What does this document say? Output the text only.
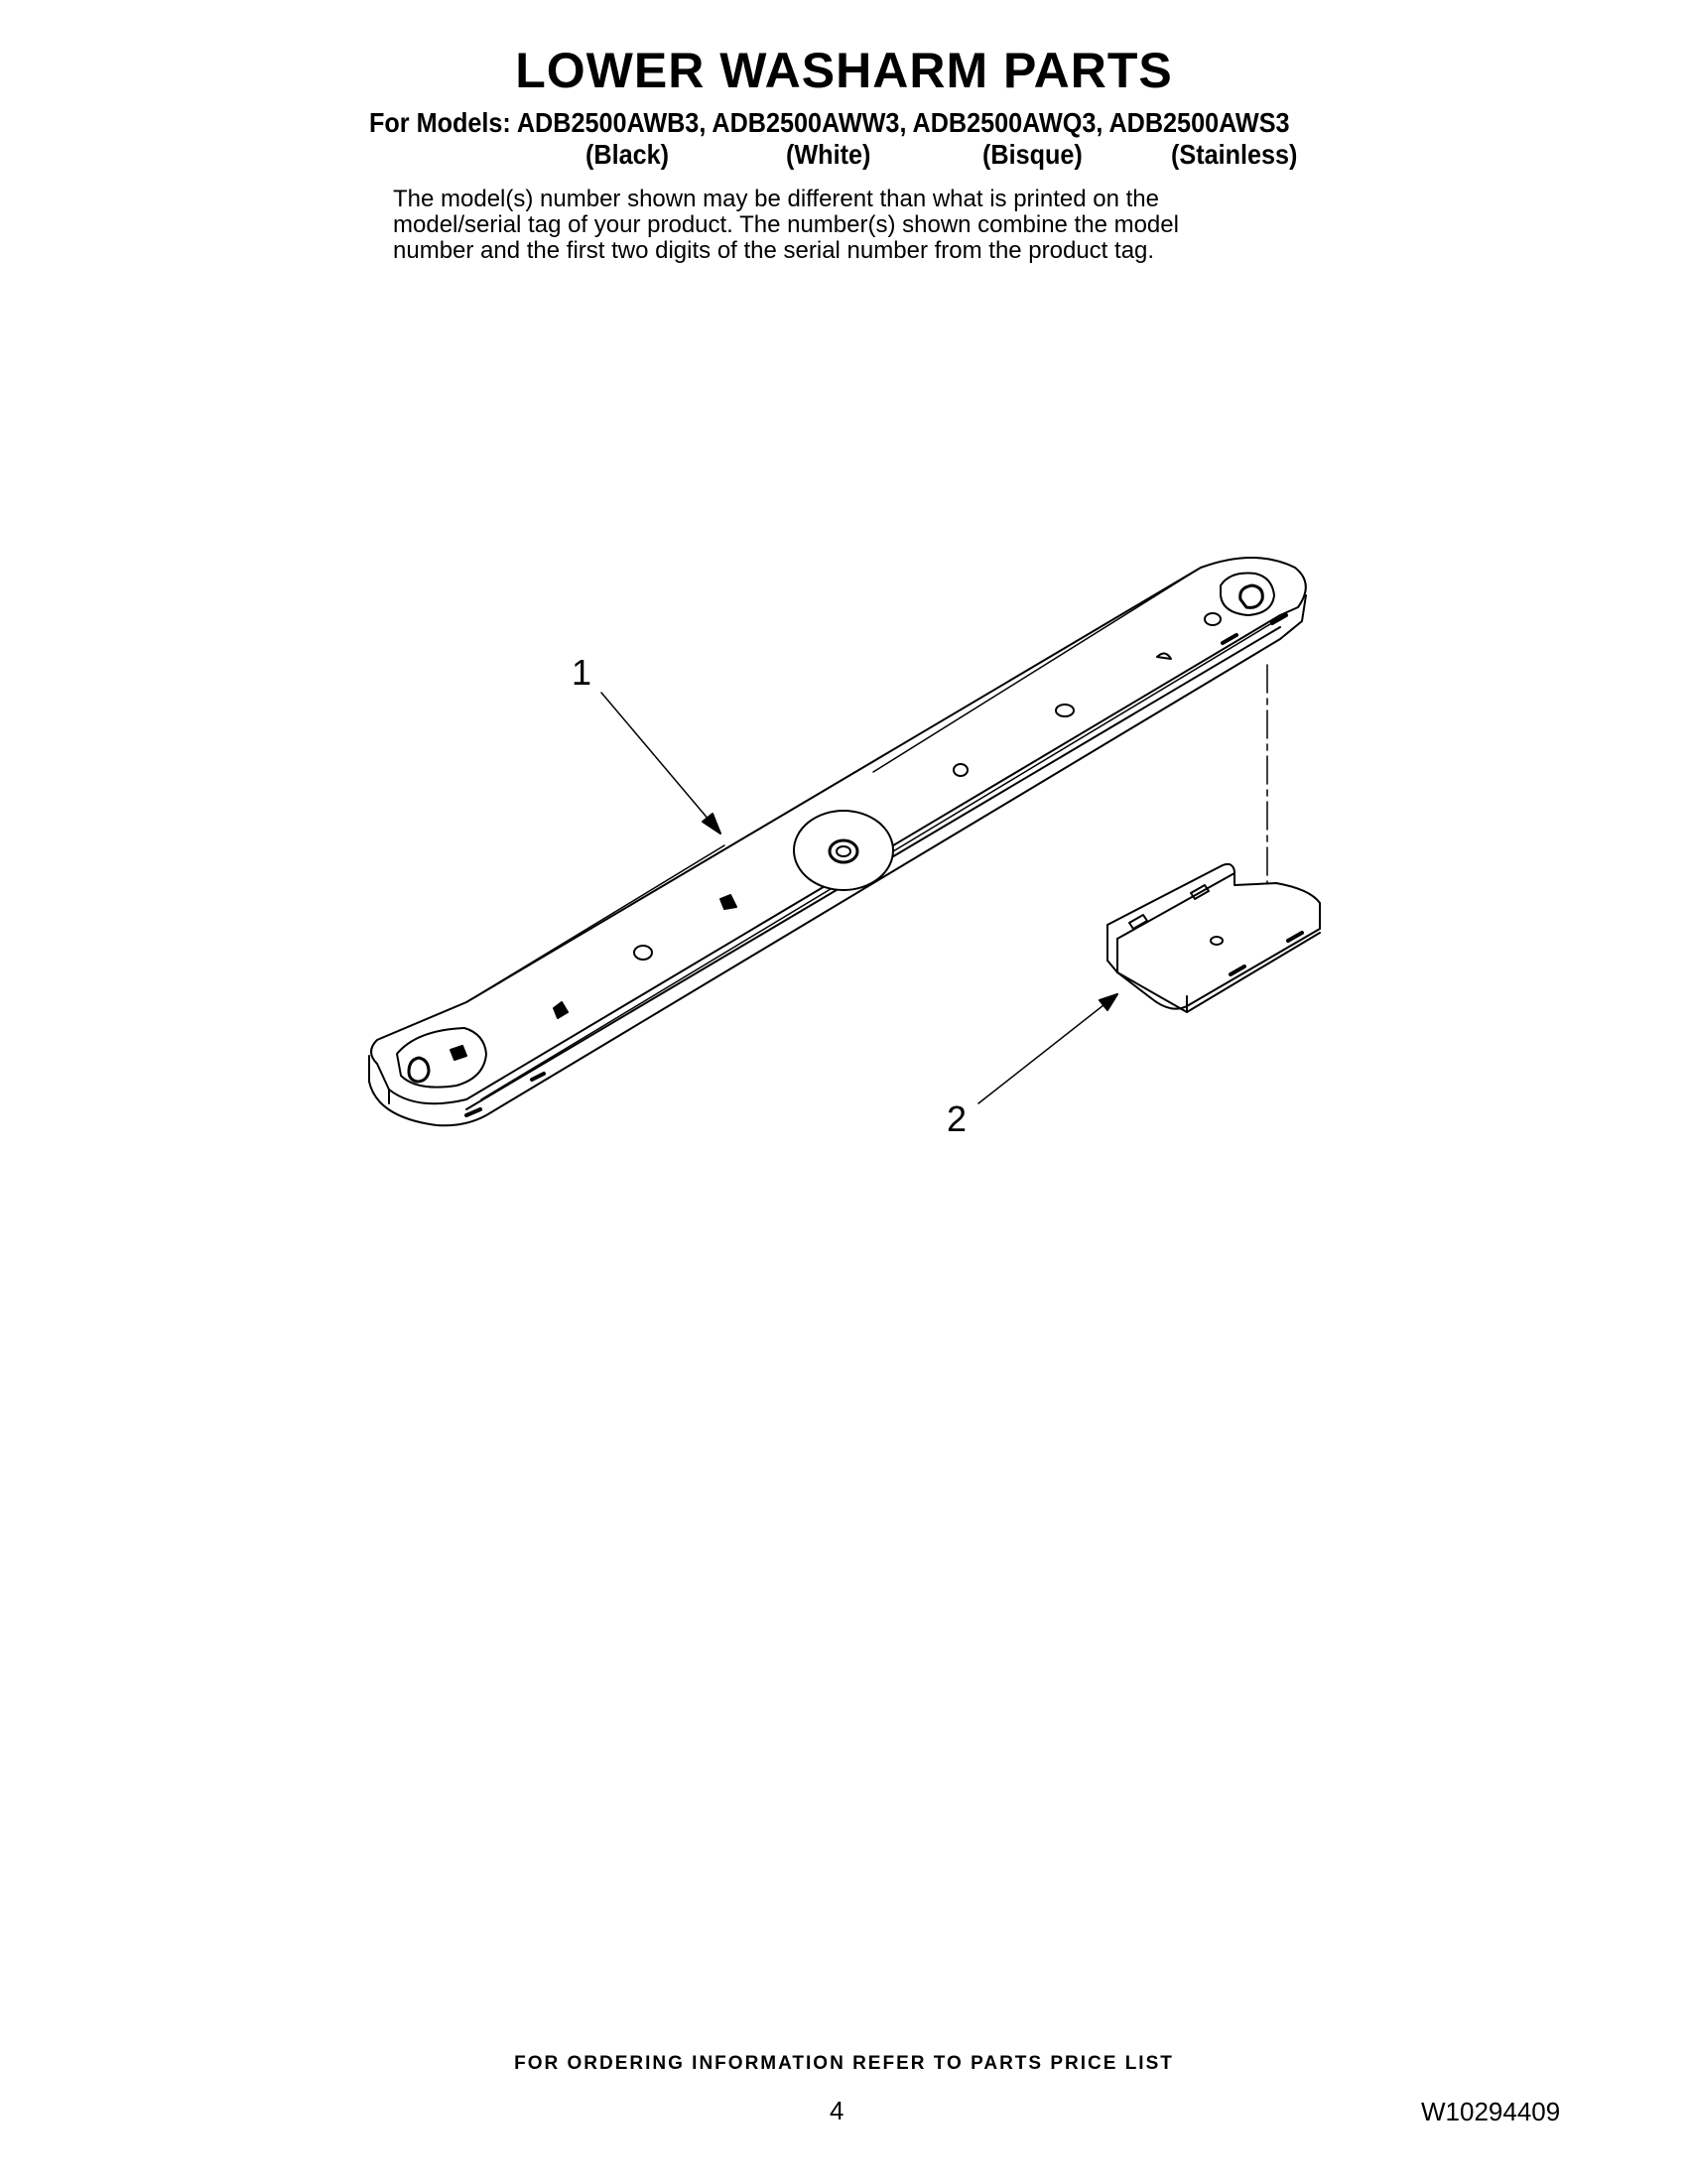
LOWER WASHARM PARTS
For Models: ADB2500AWB3, ADB2500AWW3, ADB2500AWQ3, ADB2500AWS3
(Black)	(White)	(Bisque)	(Stainless)
The model(s) number shown may be different than what is printed on the
model/serial tag of your product. The number(s) shown combine the model
number and the first two digits of the serial number from the product tag.
1
2
FOR ORDERING INFORMATION REFER TO PARTS PRICE LIST
4	W10294409
